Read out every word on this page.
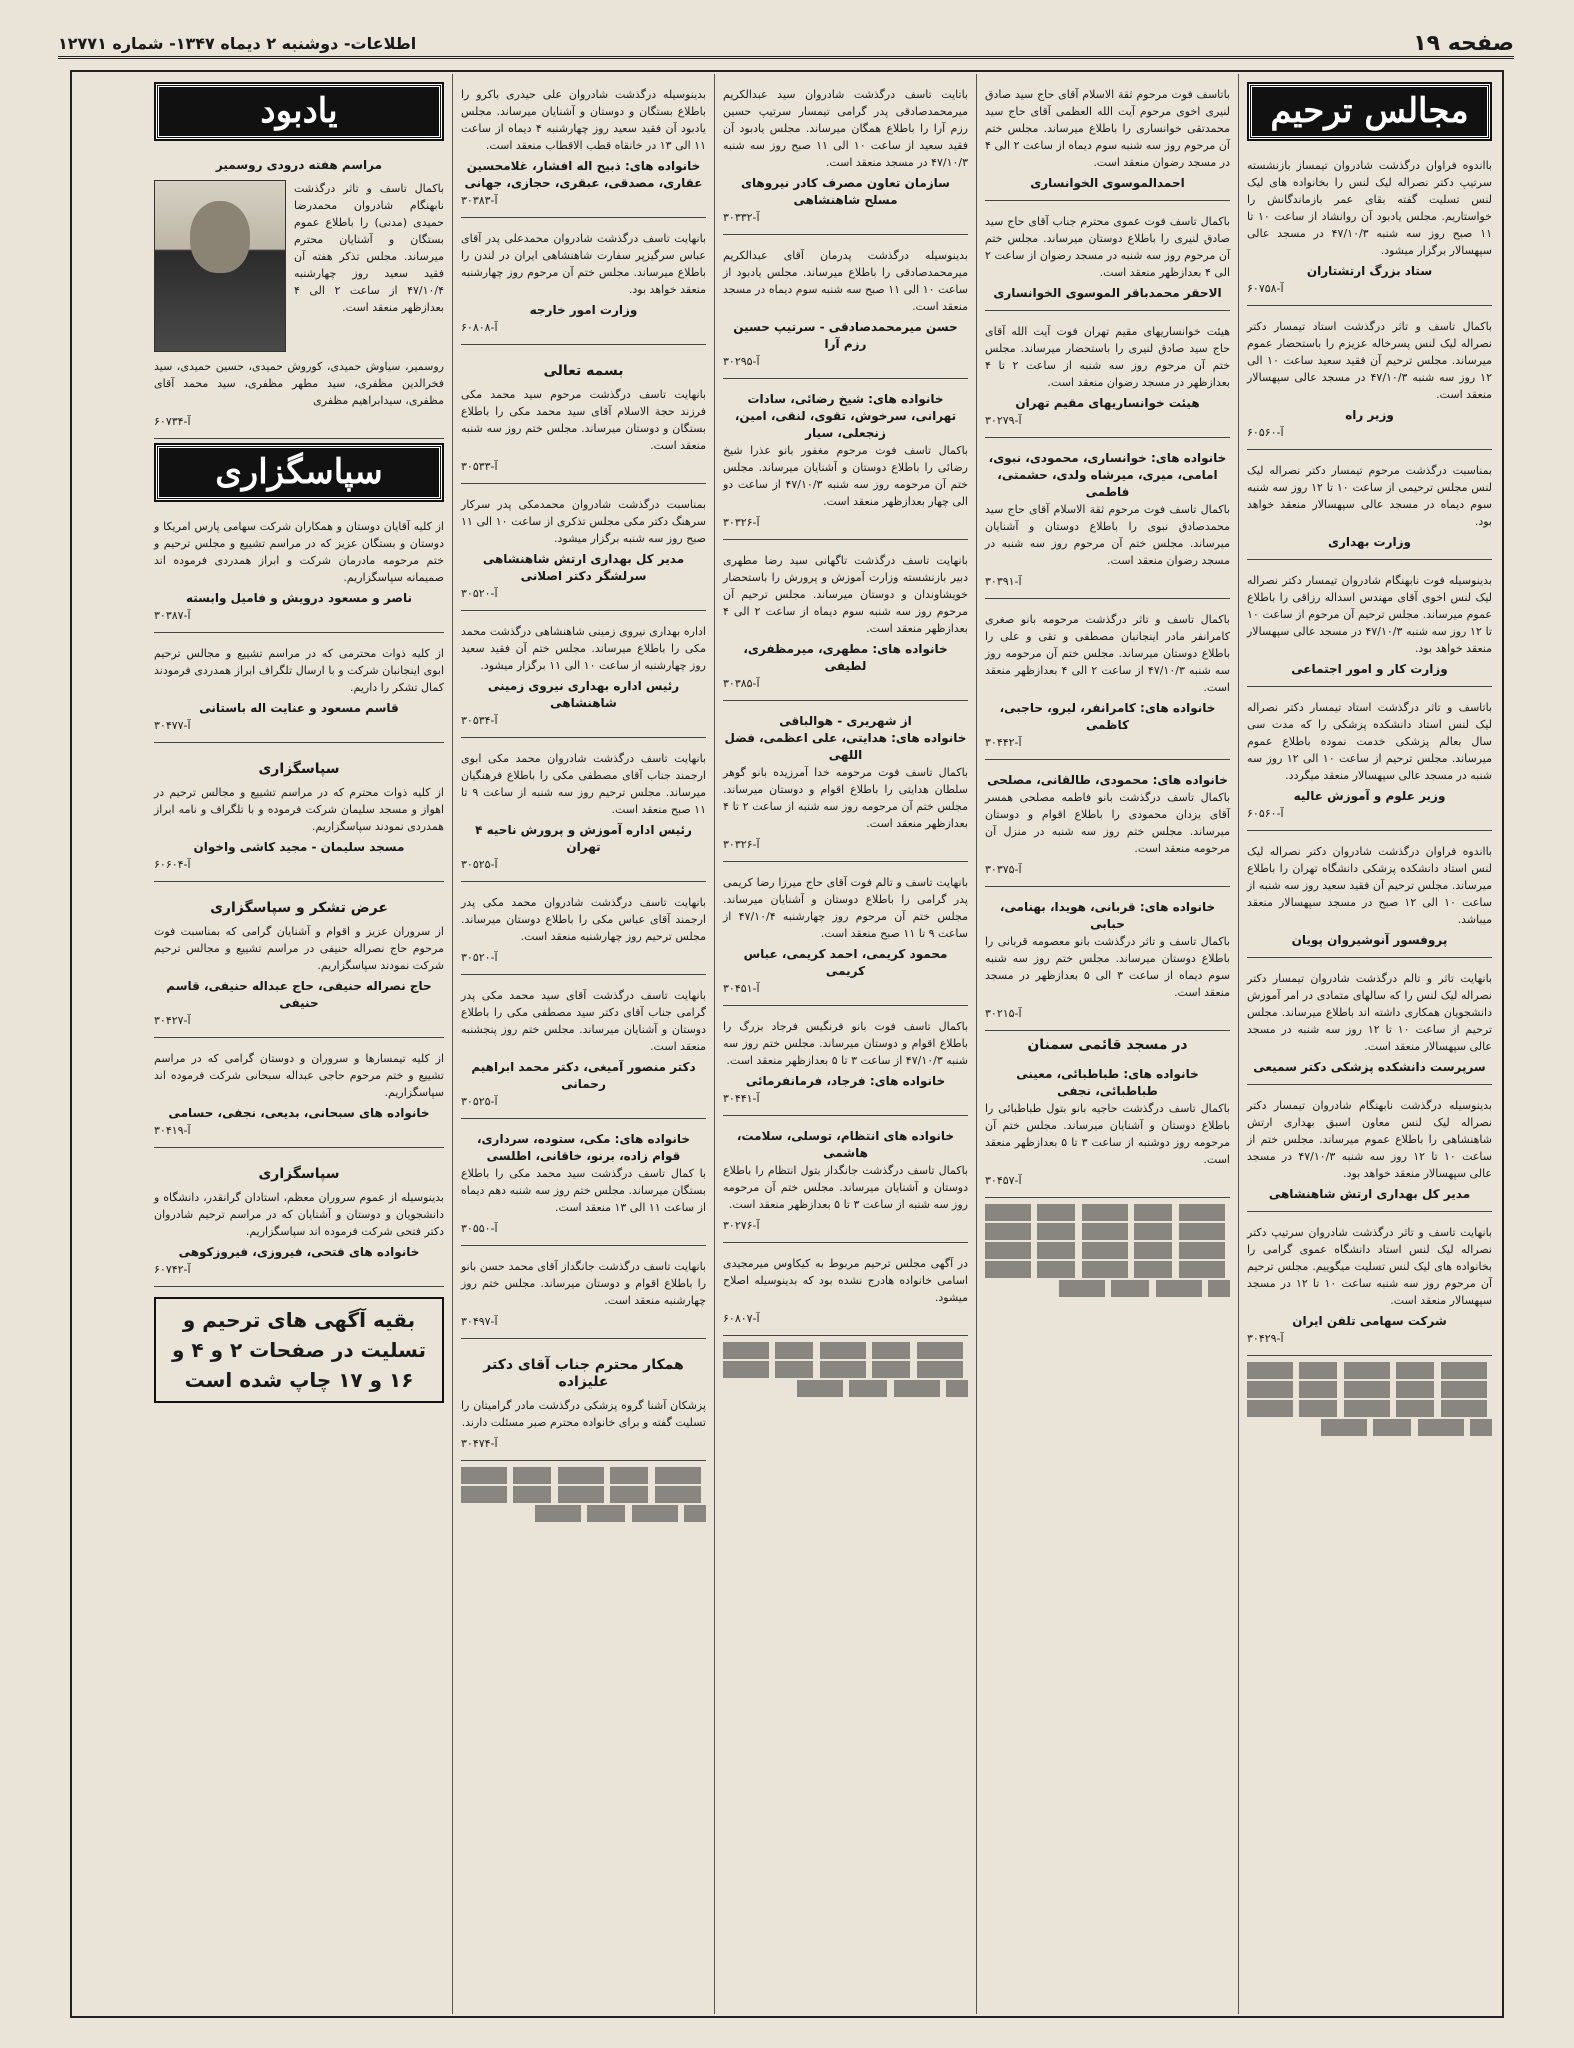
صفحه ۱۹
اطلاعات- دوشنبه ۲ دیماه ۱۳۴۷- شماره ۱۲۷۷۱
مجالس ترحیم

بااندوه فراوان درگذشت شادروان تیمساز بازنشسته سرتیپ دکتر نصراله لیک لنس را بخانواده های لیک لنس تسلیت گفته بقای عمر بازماندگانش را خواستاریم. مجلس یادبود آن روانشاد از ساعت ۱۰ تا ۱۱ صبح روز سه شنبه ۴۷/۱۰/۳ در مسجد عالی سپهسالار برگزار میشود.

ستاد بزرگ ارتشتاران
آ-۶۰۷۵۸

باکمال تاسف و تاثر درگذشت استاد تیمسار دکتر نصراله لیک لنس پسرخاله عزیزم را باستحضار عموم میرساند. مجلس ترحیم آن فقید سعید ساعت ۱۰ الی ۱۲ روز سه شنبه ۴۷/۱۰/۳ در مسجد عالی سپهسالار منعقد است.

وزیر راه
آ-۶۰۵۶۰

بمناسبت درگذشت مرحوم تیمسار دکتر نصراله لیک لنس مجلس ترحیمی از ساعت ۱۰ تا ۱۲ روز سه شنبه سوم دیماه در مسجد عالی سپهسالار منعقد خواهد بود.

وزارت بهداری

بدینوسیله فوت نابهنگام شادروان تیمسار دکتر نصراله لیک لنس اخوی آقای مهندس اسداله رزاقی را باطلاع عموم میرساند. مجلس ترحیم آن مرحوم از ساعت ۱۰ تا ۱۲ روز سه شنبه ۴۷/۱۰/۳ در مسجد عالی سپهسالار منعقد خواهد بود.

وزارت کار و امور اجتماعی

باتاسف و تاثر درگذشت استاد تیمسار دکتر نصراله لیک لنس استاد دانشکده پزشکی را که مدت سی سال بعالم پزشکی خدمت نموده باطلاع عموم میرساند. مجلس ترحیم از ساعت ۱۰ الی ۱۲ روز سه شنبه در مسجد عالی سپهسالار منعقد میگردد.

وزیر علوم و آموزش عالیه
آ-۶۰۵۶۰

بااندوه فراوان درگذشت شادروان دکتر نصراله لیک لنس استاد دانشکده پزشکی دانشگاه تهران را باطلاع میرساند. مجلس ترحیم آن فقید سعید روز سه شنبه از ساعت ۱۰ الی ۱۲ صبح در مسجد سپهسالار منعقد میباشد.

پروفسور آنوشیروان پویان

بانهایت تاثر و تالم درگذشت شادروان تیمسار دکتر نصراله لیک لنس را که سالهای متمادی در امر آموزش دانشجویان همکاری داشته اند باطلاع میرساند. مجلس ترحیم از ساعت ۱۰ تا ۱۲ روز سه شنبه در مسجد عالی سپهسالار منعقد است.

سرپرست دانشکده پزشکی دکتر سمیعی

بدینوسیله درگذشت نابهنگام شادروان تیمسار دکتر نصراله لیک لنس معاون اسبق بهداری ارتش شاهنشاهی را باطلاع عموم میرساند. مجلس ختم از ساعت ۱۰ تا ۱۲ روز سه شنبه ۴۷/۱۰/۳ در مسجد عالی سپهسالار منعقد خواهد بود.

مدیر کل بهداری ارتش شاهنشاهی

بانهایت تاسف و تاثر درگذشت شادروان سرتیپ دکتر نصراله لیک لنس استاد دانشگاه عموی گرامی را بخانواده های لیک لنس تسلیت میگوییم. مجلس ترحیم آن مرحوم روز سه شنبه ساعت ۱۰ تا ۱۲ در مسجد سپهسالار منعقد است.

شرکت سهامی تلفن ایران
آ-۳۰۴۲۹

باتاسف فوت مرحوم ثقة الاسلام آقای حاج سید صادق لنیری اخوی مرحوم آیت الله العظمی آقای حاج سید محمدتقی خوانساری را باطلاع میرساند. مجلس ختم آن مرحوم روز سه شنبه سوم دیماه از ساعت ۲ الی ۴ در مسجد رضوان منعقد است.

احمدالموسوی الخوانساری

باکمال تاسف فوت عموی محترم جناب آقای حاج سید صادق لنیری را باطلاع دوستان میرساند. مجلس ختم آن مرحوم روز سه شنبه در مسجد رضوان از ساعت ۲ الی ۴ بعدازظهر منعقد است.

الاحقر محمدباقر الموسوی الخوانساری

هیئت خوانساریهای مقیم تهران فوت آیت الله آقای حاج سید صادق لنیری را باستحضار میرساند. مجلس ختم آن مرحوم روز سه شنبه از ساعت ۲ تا ۴ بعدازظهر در مسجد رضوان منعقد است.

هیئت خوانساریهای مقیم تهران
آ-۳۰۲۷۹
خانواده های: خوانساری، محمودی، نبوی، امامی، میری، میرشاه ولدی، حشمتی، فاطمی

باکمال تاسف فوت مرحوم ثقة الاسلام آقای حاج سید محمدصادق نبوی را باطلاع دوستان و آشنایان میرساند. مجلس ختم آن مرحوم روز سه شنبه در مسجد رضوان منعقد است.

آ-۳۰۳۹۱

باکمال تاسف و تاثر درگذشت مرحومه بانو صغری کامرانفر مادر اینجانبان مصطفی و تقی و علی را باطلاع دوستان میرساند. مجلس ختم آن مرحومه روز سه شنبه ۴۷/۱۰/۳ از ساعت ۲ الی ۴ بعدازظهر منعقد است.

خانواده های: کامرانفر، لیرو، حاجبی، کاظمی
آ-۳۰۴۴۲
خانواده های: محمودی، طالقانی، مصلحی

باکمال تاسف درگذشت بانو فاطمه مصلحی همسر آقای یزدان محمودی را باطلاع اقوام و دوستان میرساند. مجلس ختم روز سه شنبه در منزل آن مرحومه منعقد است.

آ-۳۰۳۷۵
خانواده های: قربانی، هویدا، بهنامی، حبابی

باکمال تاسف و تاثر درگذشت بانو معصومه قربانی را باطلاع دوستان میرساند. مجلس ختم روز سه شنبه سوم دیماه از ساعت ۳ الی ۵ بعدازظهر در مسجد منعقد است.

آ-۳۰۲۱۵
در مسجد قائمی سمنان
خانواده های: طباطبائی، معینی طباطبائی، نجفی

باکمال تاسف درگذشت حاجیه بانو بتول طباطبائی را باطلاع دوستان و آشنایان میرساند. مجلس ختم آن مرحومه روز دوشنبه از ساعت ۳ تا ۵ بعدازظهر منعقد است.

آ-۳۰۴۵۷

باتایت تاسف درگذشت شادروان سید عبدالکریم میرمحمدصادقی پدر گرامی تیمسار سرتیپ حسین رزم آرا را باطلاع همگان میرساند. مجلس یادبود آن فقید سعید از ساعت ۱۰ الی ۱۱ صبح روز سه شنبه ۴۷/۱۰/۳ در مسجد منعقد است.

سازمان تعاون مصرف کادر نیروهای مسلح شاهنشاهی
آ-۳۰۳۳۲

بدینوسیله درگذشت پدرمان آقای عبدالکریم میرمحمدصادقی را باطلاع میرساند. مجلس یادبود از ساعت ۱۰ الی ۱۱ صبح سه شنبه سوم دیماه در مسجد منعقد است.

حسن میرمحمدصادقی - سرتیپ حسین رزم آرا
آ-۳۰۲۹۵
خانواده های: شیخ رضائی، سادات تهرانی، سرخوش، تقوی، لنقی، امین، زنجعلی، سیار

باکمال تاسف فوت مرحوم مغفور بانو عذرا شیخ رضائی را باطلاع دوستان و آشنایان میرساند. مجلس ختم آن مرحومه روز سه شنبه ۴۷/۱۰/۳ از ساعت دو الی چهار بعدازظهر منعقد است.

آ-۳۰۳۲۶

بانهایت تاسف درگذشت تاگهانی سید رضا مطهری دبیر بازنشسته وزارت آموزش و پرورش را باستحضار خویشاوندان و دوستان میرساند. مجلس ترحیم آن مرحوم روز سه شنبه سوم دیماه از ساعت ۲ الی ۴ بعدازظهر منعقد است.

خانواده های: مطهری، میرمظفری، لطیفی
آ-۳۰۳۸۵
از شهریری - هوالباقی
خانواده های: هدایتی، علی اعظمی، فضل اللهی

باکمال تاسف فوت مرحومه خدا آمرزیده بانو گوهر سلطان هدایتی را باطلاع اقوام و دوستان میرساند. مجلس ختم آن مرحومه روز سه شنبه از ساعت ۲ تا ۴ بعدازظهر منعقد است.

آ-۳۰۳۲۶

بانهایت تاسف و تالم فوت آقای حاج میرزا رضا کریمی پدر گرامی را باطلاع دوستان و آشنایان میرساند. مجلس ختم آن مرحوم روز چهارشنبه ۴۷/۱۰/۴ از ساعت ۹ تا ۱۱ صبح منعقد است.

محمود کریمی، احمد کریمی، عباس کریمی
آ-۳۰۴۵۱

باکمال تاسف فوت بانو فرنگیس فرجاد بزرگ را باطلاع اقوام و دوستان میرساند. مجلس ختم روز سه شنبه ۴۷/۱۰/۳ از ساعت ۳ تا ۵ بعدازظهر منعقد است.

خانواده های: فرجاد، فرمانفرمائی
آ-۳۰۴۴۱
خانواده های انتظام، توسلی، سلامت، هاشمی

باکمال تاسف درگذشت جانگداز بتول انتظام را باطلاع دوستان و آشنایان میرساند. مجلس ختم آن مرحومه روز سه شنبه از ساعت ۳ تا ۵ بعدازظهر منعقد است.

آ-۳۰۲۷۶

در آگهی مجلس ترحیم مربوط به کیکاوس میرمجیدی اسامی خانواده هادرج نشده بود که بدینوسیله اصلاح میشود.

آ-۶۰۸۰۷

بدینوسیله درگذشت شادروان علی حیدری باکرو را باطلاع بستگان و دوستان و آشنایان میرساند. مجلس یادبود آن فقید سعید روز چهارشنبه ۴ دیماه از ساعت ۱۱ الی ۱۳ در خانقاه قطب الاقطاب منعقد است.

خانواده های: ذبیح اله افشار، غلامحسین عقاری، مصدقی، عبقری، حجازی، جهانی
آ-۳۰۳۸۳

بانهایت تاسف درگذشت شادروان محمدعلی پدر آقای عباس سرگیزپر سفارت شاهنشاهی ایران در لندن را باطلاع میرساند. مجلس ختم آن مرحوم روز چهارشنبه منعقد خواهد بود.

وزارت امور خارجه
آ-۶۰۸۰۸
بسمه تعالی

بانهایت تاسف درگذشت مرحوم سید محمد مکی فرزند حجة الاسلام آقای سید محمد مکی را باطلاع بستگان و دوستان میرساند. مجلس ختم روز سه شنبه منعقد است.

آ-۳۰۵۳۳

بمناسبت درگذشت شادروان محمدمکی پدر سرکار سرهنگ دکتر مکی مجلس تذکری از ساعت ۱۰ الی ۱۱ صبح روز سه شنبه برگزار میشود.

مدیر کل بهداری ارتش شاهنشاهی سرلشگر دکتر اصلانی
آ-۳۰۵۲۰

اداره بهداری نیروی زمینی شاهنشاهی درگذشت محمد مکی را باطلاع میرساند. مجلس ختم آن فقید سعید روز چهارشنبه از ساعت ۱۰ الی ۱۱ برگزار میشود.

رئیس اداره بهداری نیروی زمینی شاهنشاهی
آ-۳۰۵۳۴

بانهایت تاسف درگذشت شادروان محمد مکی ابوی ارجمند جناب آقای مصطفی مکی را باطلاع فرهنگیان میرساند. مجلس ترحیم روز سه شنبه از ساعت ۹ تا ۱۱ صبح منعقد است.

رئیس اداره آموزش و پرورش ناحیه ۴ تهران
آ-۳۰۵۲۵

بانهایت تاسف درگذشت شادروان محمد مکی پدر ارجمند آقای عباس مکی را باطلاع دوستان میرساند. مجلس ترحیم روز چهارشنبه منعقد است.

آ-۳۰۵۲۰

بانهایت تاسف درگذشت آقای سید محمد مکی پدر گرامی جناب آقای دکتر سید مصطفی مکی را باطلاع دوستان و آشنایان میرساند. مجلس ختم روز پنجشنبه منعقد است.

دکتر منصور آمیغی، دکتر محمد ابراهیم رحمانی
آ-۳۰۵۲۵
خانواده های: مکی، ستوده، سرداری، قوام زاده، برنو، خاقانی، اطلسی

با کمال تاسف درگذشت سید محمد مکی را باطلاع بستگان میرساند. مجلس ختم روز سه شنبه دهم دیماه از ساعت ۱۱ الی ۱۳ منعقد است.

آ-۳۰۵۵۰

بانهایت تاسف درگذشت جانگداز آقای محمد حسن بانو را باطلاع اقوام و دوستان میرساند. مجلس ختم روز چهارشنبه منعقد است.

آ-۳۰۴۹۷
همکار محترم جناب آقای دکتر علیزاده

پزشکان آشنا گروه پزشکی درگذشت مادر گرامیتان را تسلیت گفته و برای خانواده محترم صبر مسئلت دارند.

آ-۳۰۴۷۴
یادبود
مراسم هفته درودی روسمیر

باکمال تاسف و تاثر درگذشت نابهنگام شادروان محمدرضا حمیدی (مدنی) را باطلاع عموم بستگان و آشنایان محترم میرساند. مجلس تذکر هفته آن فقید سعید روز چهارشنبه ۴۷/۱۰/۴ از ساعت ۲ الی ۴ بعدازظهر منعقد است.

روسمیر، سیاوش حمیدی، کوروش حمیدی، حسین حمیدی، سید فخرالدین مظفری، سید مطهر مظفری، سید محمد آقای مظفری، سیدابراهیم مظفری

آ-۶۰۷۳۴
سپاسگزاری

از کلیه آقایان دوستان و همکاران شرکت سهامی پارس امریکا و دوستان و بستگان عزیز که در مراسم تشییع و مجلس ترحیم و ختم مرحومه مادرمان شرکت و ابراز همدردی فرموده اند صمیمانه سپاسگزاریم.

ناصر و مسعود درویش و فامیل وابسته
آ-۳۰۳۸۷

از کلیه ذوات محترمی که در مراسم تشییع و مجالس ترحیم ابوی اینجانبان شرکت و با ارسال تلگراف ابراز همدردی فرمودند کمال تشکر را داریم.

قاسم مسعود و عنایت اله باستانی
آ-۳۰۴۷۷
سپاسگزاری

از کلیه ذوات محترم که در مراسم تشییع و مجالس ترحیم در اهواز و مسجد سلیمان شرکت فرموده و با تلگراف و نامه ابراز همدردی نمودند سپاسگزاریم.

مسجد سلیمان - مجید کاشی واخوان
آ-۶۰۶۰۴
عرض تشکر و سپاسگزاری

از سروران عزیز و اقوام و آشنایان گرامی که بمناسبت فوت مرحوم حاج نصراله حنیفی در مراسم تشییع و مجالس ترحیم شرکت نمودند سپاسگزاریم.

حاج نصراله حنیفی، حاج عبداله حنیفی، قاسم حنیفی
آ-۳۰۴۲۷

از کلیه تیمسارها و سروران و دوستان گرامی که در مراسم تشییع و ختم مرحوم حاجی عبداله سبحانی شرکت فرموده اند سپاسگزاریم.

خانواده های سبحانی، بدیعی، نجفی، حسامی
آ-۳۰۴۱۹
سپاسگزاری

بدینوسیله از عموم سروران معظم، استادان گرانقدر، دانشگاه و دانشجویان و دوستان و آشنایان که در مراسم ترحیم شادروان دکتر فتحی شرکت فرموده اند سپاسگزاریم.

خانواده های فتحی، فیروزی، فیروزکوهی
آ-۶۰۷۴۲
بقیه آگهی های ترحیم و تسلیت در صفحات ۲ و ۴ و ۱۶ و ۱۷ چاپ شده است
